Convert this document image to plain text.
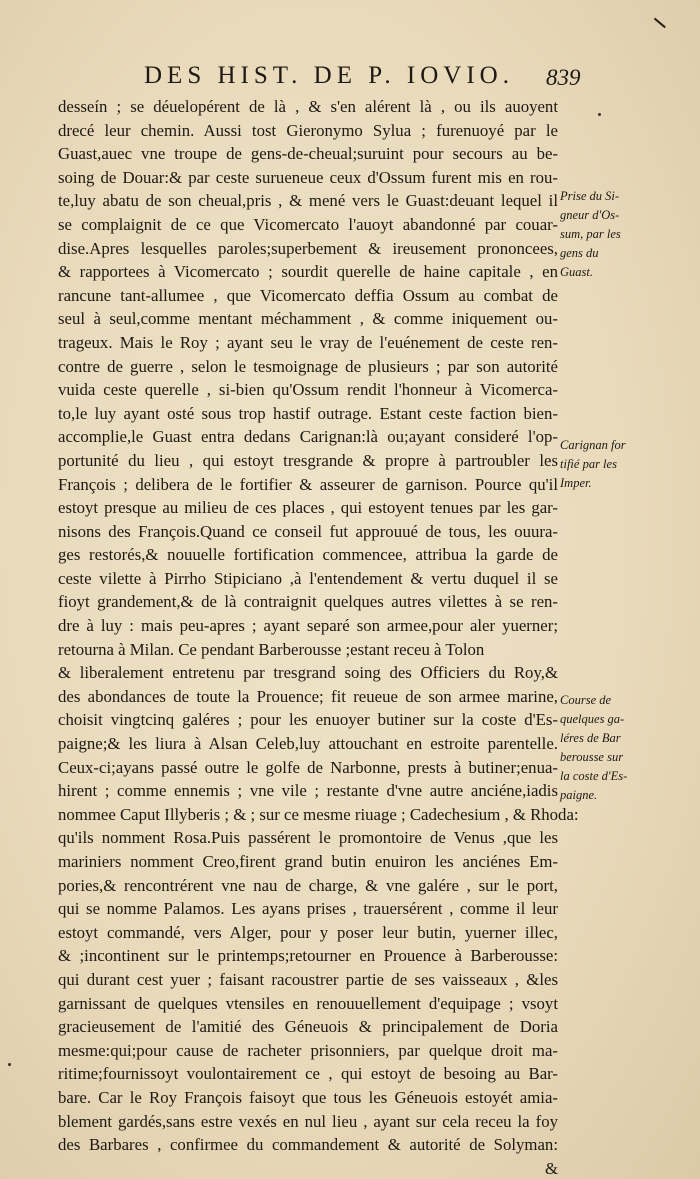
DES HIST. DE P. IOVIO. 839
desseín ; se déuelopérent de là , & s'en alérent là , ou ils auoyent
drecé leur chemin. Aussi tost Gieronymo Sylua ; furenuoyé par le
Guast,auec vne troupe de gens-de-cheual;suruint pour secours au be-
soing de Douar:& par ceste surueneue ceux d'Ossum furent mis en rou-
te,luy abatu de son cheual,pris , & mené vers le Guast:deuant lequel il
se complaignit de ce que Vicomercato l'auoyt abandonné par couar-
dise.Apres lesquelles paroles;superbement & ireusement prononcees,
& rapportees à Vicomercato ; sourdit querelle de haine capitale , en
rancune tant-allumee , que Vicomercato deffia Ossum au combat de
seul à seul,comme mentant méchamment , & comme iniquement ou-
trageux. Mais le Roy ; ayant seu le vray de l'euénement de ceste ren-
contre de guerre , selon le tesmoignage de plusieurs ; par son autorité
vuida ceste querelle , si-bien qu'Ossum rendit l'honneur à Vicomerca-
to,le luy ayant osté sous trop hastif outrage. Estant ceste faction bien-
accomplie,le Guast entra dedans Carignan:là ou;ayant consideré l'op-
portunité du lieu , qui estoyt tresgrande & propre à partroubler les
François ; delibera de le fortifier & asseurer de garnison. Pource qu'il
estoyt presque au milieu de ces places , qui estoyent tenues par les gar-
nisons des François.Quand ce conseil fut approuué de tous, les ouura-
ges restorés,& nouuelle fortification commencee, attribua la garde de
ceste vilette à Pirrho Stipiciano ,à l'entendement & vertu duquel il se
fioyt grandement,& de là contraignit quelques autres vilettes à se ren-
dre à luy : mais peu-apres ; ayant separé son armee,pour aler yuerner;
retourna à Milan. Ce pendant Barberousse ;estant receu à Tolon
& liberalement entretenu par tresgrand soing des Officiers du Roy,&
des abondances de toute la Prouence; fit reueue de son armee marine,
choisit vingtcinq galéres ; pour les enuoyer butiner sur la coste d'Es-
paigne;& les liura à Alsan Celeb,luy attouchant en estroite parentelle.
Ceux-ci;ayans passé outre le golfe de Narbonne, prests à butiner;enua-
hirent ; comme ennemis ; vne vile ; restante d'vne autre anciéne,iadis
nommee Caput Illyberis ; & ; sur ce mesme riuage ; Cadechesium , & Rhoda:
qu'ils nomment Rosa.Puis passérent le promontoire de Venus ,que les
mariniers nomment Creo,firent grand butin enuiron les anciénes Em-
pories,& rencontrérent vne nau de charge, & vne galére , sur le port,
qui se nomme Palamos. Les ayans prises , trauersérent , comme il leur
estoyt commandé, vers Alger, pour y poser leur butin, yuerner illec,
& ;incontinent sur le printemps;retourner en Prouence à Barberousse:
qui durant cest yuer ; faisant racoustrer partie de ses vaisseaux , &les
garnissant de quelques vtensiles en renouuellement d'equipage ; vsoyt
gracieusement de l'amitié des Géneuois & principalement de Doria
mesme:qui;pour cause de racheter prisonniers, par quelque droit ma-
ritime;fournissoyt voulontairement ce , qui estoyt de besoing au Bar-
bare. Car le Roy François faisoyt que tous les Géneuois estoyét amia-
blement gardés,sans estre vexés en nul lieu , ayant sur cela receu la foy
des Barbares , confirmee du commandement & autorité de Solyman:
&
Prise du Si-
gneur d'Os-
sum, par les
gens du
Guast.
Carignan for
tifié par les
Imper.
Course de
quelques ga-
léres de Bar
berousse sur
la coste d'Es-
paigne.
